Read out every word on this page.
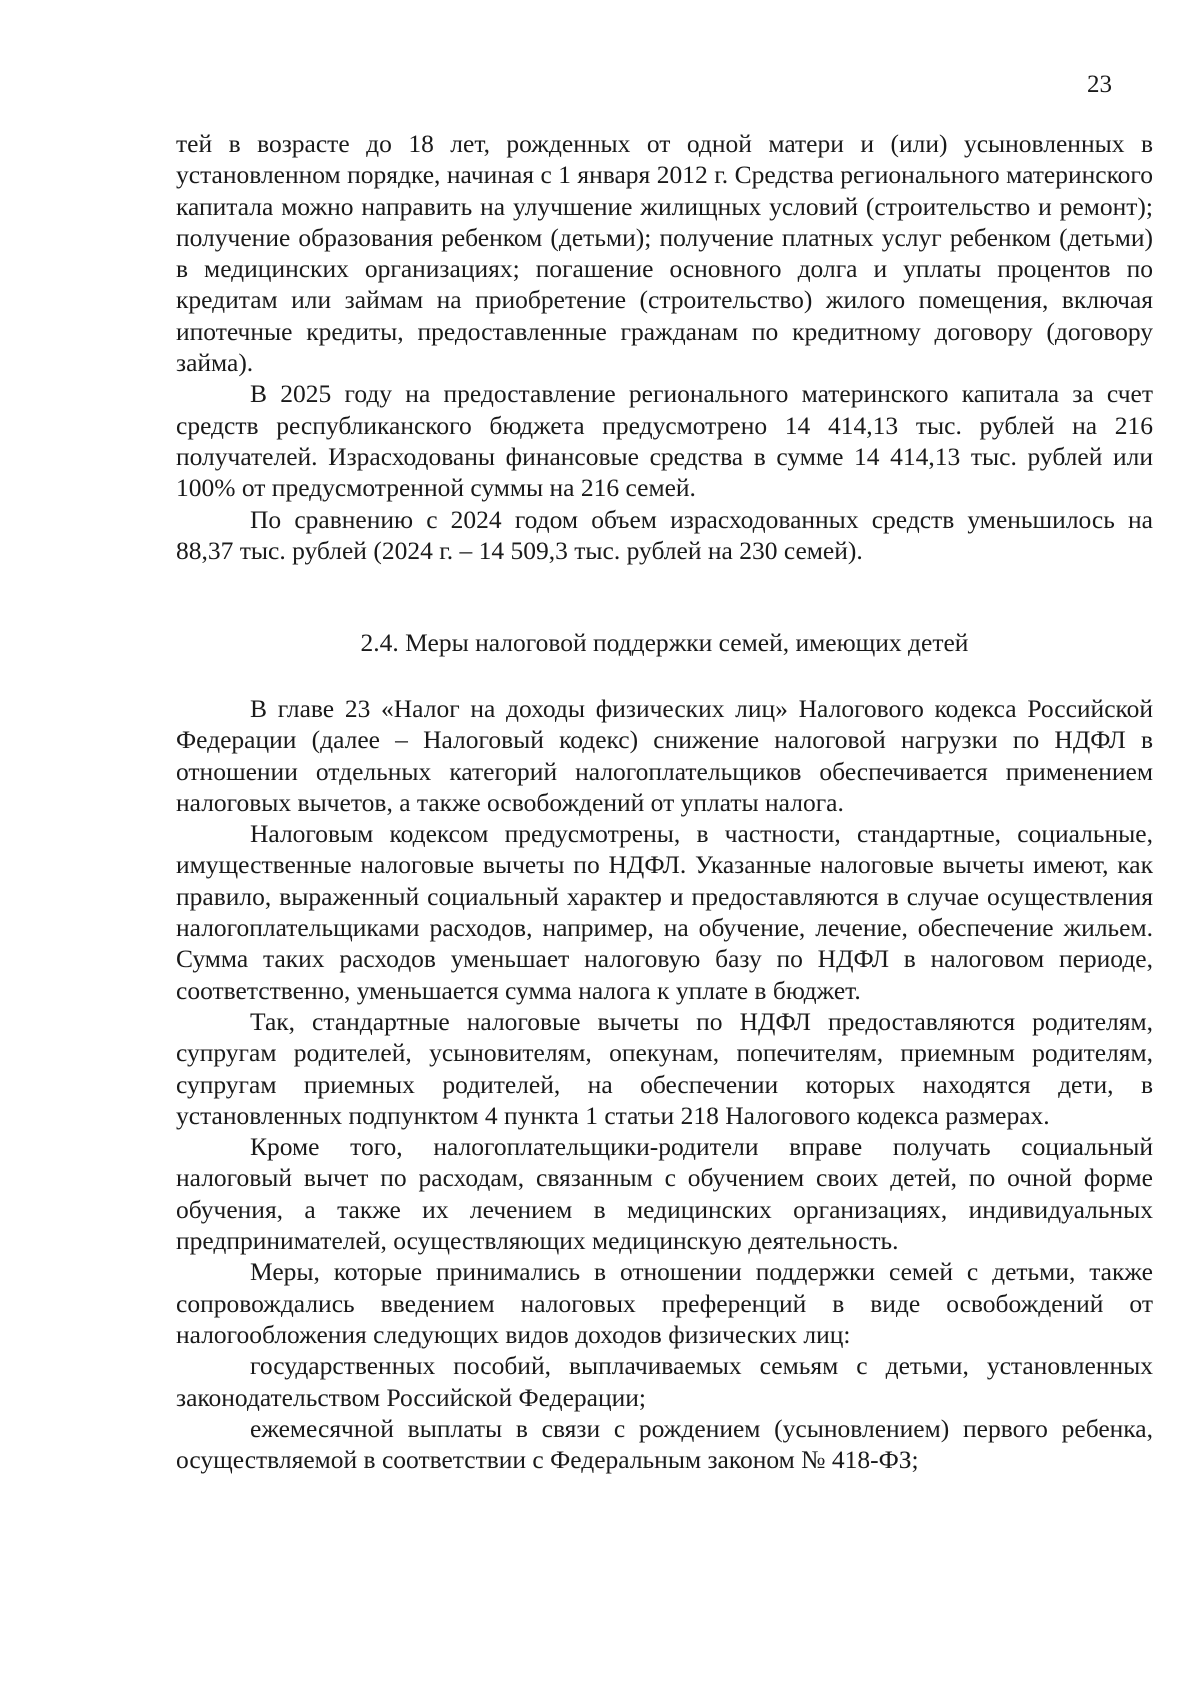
23

тей в возрасте до 18 лет, рожденных от одной матери и (или) усыновленных в установленном порядке, начиная с 1 января 2012 г. Средства регионального материнского капитала можно направить на улучшение жилищных условий (строительство и ремонт); получение образования ребенком (детьми); получение платных услуг ребенком (детьми) в медицинских организациях; погашение основного долга и уплаты процентов по кредитам или займам на приобретение (строительство) жилого помещения, включая ипотечные кредиты, предоставленные гражданам по кредитному договору (договору займа).

В 2025 году на предоставление регионального материнского капитала за счет средств республиканского бюджета предусмотрено 14 414,13 тыс. рублей на 216 получателей. Израсходованы финансовые средства в сумме 14 414,13 тыс. рублей или 100% от предусмотренной суммы на 216 семей.

По сравнению с 2024 годом объем израсходованных средств уменьшилось на 88,37 тыс. рублей (2024 г. – 14 509,3 тыс. рублей на 230 семей).

2.4. Меры налоговой поддержки семей, имеющих детей

В главе 23 «Налог на доходы физических лиц» Налогового кодекса Российской Федерации (далее – Налоговый кодекс) снижение налоговой нагрузки по НДФЛ в отношении отдельных категорий налогоплательщиков обеспечивается применением налоговых вычетов, а также освобождений от уплаты налога.

Налоговым кодексом предусмотрены, в частности, стандартные, социальные, имущественные налоговые вычеты по НДФЛ. Указанные налоговые вычеты имеют, как правило, выраженный социальный характер и предоставляются в случае осуществления налогоплательщиками расходов, например, на обучение, лечение, обеспечение жильем. Сумма таких расходов уменьшает налоговую базу по НДФЛ в налоговом периоде, соответственно, уменьшается сумма налога к уплате в бюджет.

Так, стандартные налоговые вычеты по НДФЛ предоставляются родителям, супругам родителей, усыновителям, опекунам, попечителям, приемным родителям, супругам приемных родителей, на обеспечении которых находятся дети, в установленных подпунктом 4 пункта 1 статьи 218 Налогового кодекса размерах.

Кроме того, налогоплательщики-родители вправе получать социальный налоговый вычет по расходам, связанным с обучением своих детей, по очной форме обучения, а также их лечением в медицинских организациях, индивидуальных предпринимателей, осуществляющих медицинскую деятельность.

Меры, которые принимались в отношении поддержки семей с детьми, также сопровождались введением налоговых преференций в виде освобождений от налогообложения следующих видов доходов физических лиц:

государственных пособий, выплачиваемых семьям с детьми, установленных законодательством Российской Федерации;

ежемесячной выплаты в связи с рождением (усыновлением) первого ребенка, осуществляемой в соответствии с Федеральным законом № 418-ФЗ;
